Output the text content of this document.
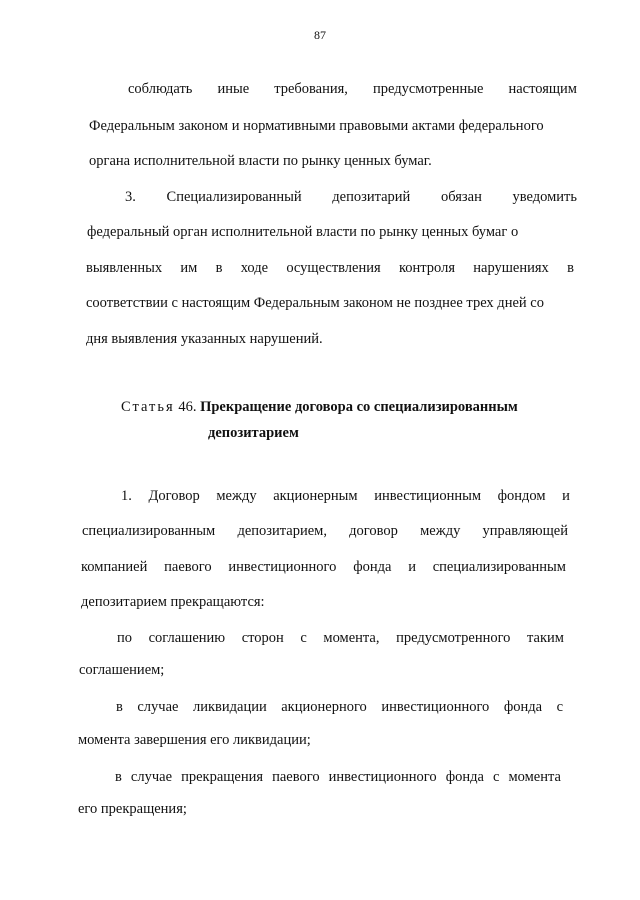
87
соблюдать иные требования, предусмотренные настоящим
Федеральным законом и нормативными правовыми актами федерального
органа исполнительной власти по рынку ценных бумаг.
3. Специализированный депозитарий обязан уведомить
федеральный орган исполнительной власти по рынку ценных бумаг о
выявленных им в ходе осуществления контроля нарушениях в
соответствии с настоящим Федеральным законом не позднее трех дней со
дня выявления указанных нарушений.
Статья 46. Прекращение договора со специализированным
депозитарием
1. Договор между акционерным инвестиционным фондом и
специализированным депозитарием, договор между управляющей
компанией паевого инвестиционного фонда и специализированным
депозитарием прекращаются:
по соглашению сторон с момента, предусмотренного таким
соглашением;
в случае ликвидации акционерного инвестиционного фонда с
момента завершения его ликвидации;
в случае прекращения паевого инвестиционного фонда с момента
его прекращения;
